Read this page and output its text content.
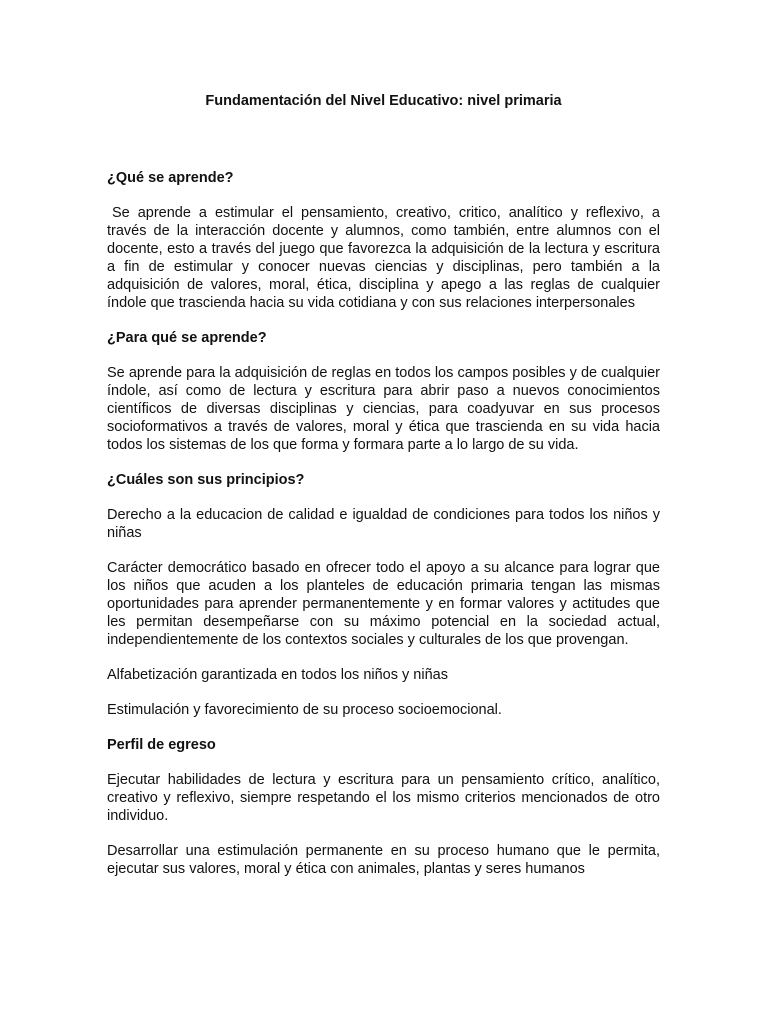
Fundamentación del Nivel Educativo: nivel primaria
¿Qué se aprende?

Se aprende a estimular el pensamiento, creativo, critico, analítico y reflexivo, a través de la interacción docente y alumnos, como también, entre alumnos con el docente, esto a través del juego que favorezca la adquisición de la lectura y escritura a fin de estimular y conocer nuevas ciencias y disciplinas, pero también a la adquisición de valores, moral, ética, disciplina y apego a las reglas de cualquier índole que trascienda hacia su vida cotidiana y con sus relaciones interpersonales

¿Para qué se aprende?

Se aprende para la adquisición de reglas en todos los campos posibles y de cualquier índole, así como de lectura y escritura para abrir paso a nuevos conocimientos científicos de diversas disciplinas y ciencias, para coadyuvar en sus procesos socioformativos a través de valores, moral y ética que trascienda en su vida hacia todos los sistemas de los que forma y formara parte a lo largo de su vida.

¿Cuáles son sus principios?

Derecho a la educacion de calidad e igualdad de condiciones para todos los niños y niñas

Carácter democrático basado en ofrecer todo el apoyo a su alcance para lograr que los niños que acuden a los planteles de educación primaria tengan las mismas oportunidades para aprender permanentemente y en formar valores y actitudes que les permitan desempeñarse con su máximo potencial en la sociedad actual, independientemente de los contextos sociales y culturales de los que provengan.

Alfabetización garantizada en todos los niños y niñas

Estimulación y favorecimiento de su proceso socioemocional.

Perfil de egreso

Ejecutar habilidades de lectura y escritura para un pensamiento crítico, analítico, creativo y reflexivo, siempre respetando el los mismo criterios mencionados de otro individuo.

Desarrollar una estimulación permanente en su proceso humano que le permita, ejecutar sus valores, moral y ética con animales, plantas y seres humanos
